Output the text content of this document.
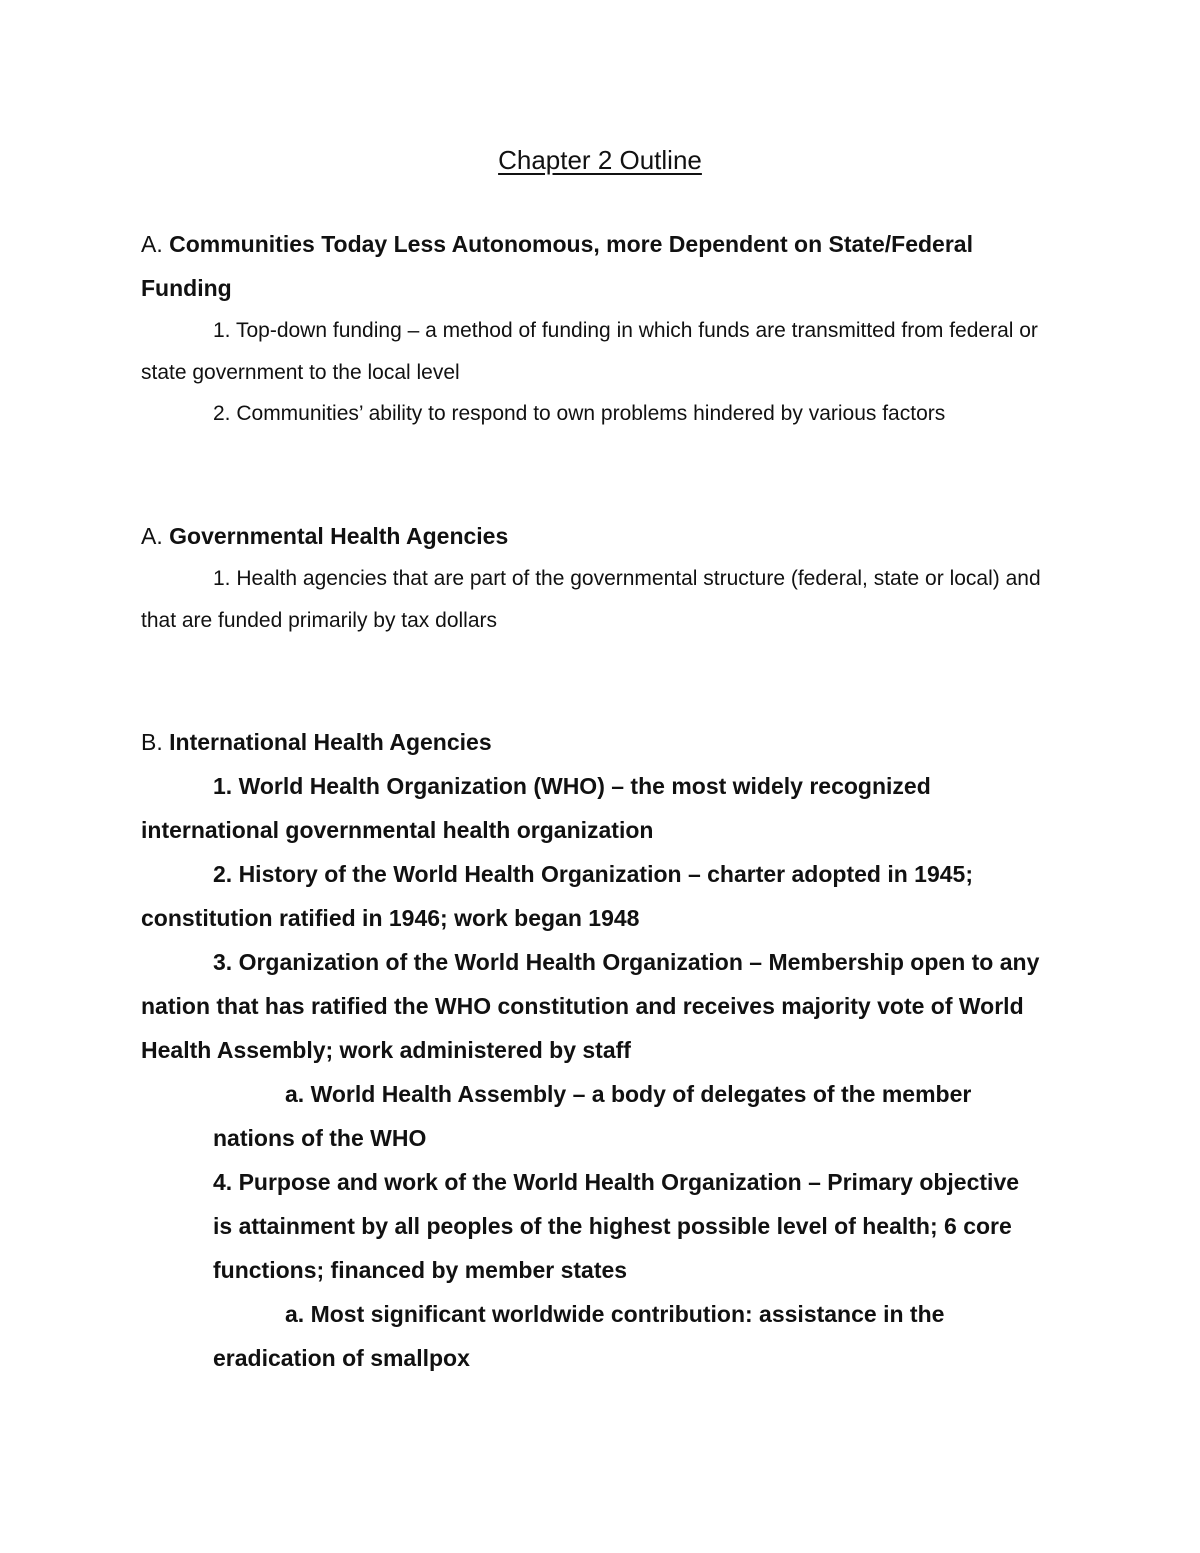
Chapter 2 Outline
A. Communities Today Less Autonomous, more Dependent on State/Federal Funding

1. Top-down funding – a method of funding in which funds are transmitted from federal or state government to the local level

2. Communities’ ability to respond to own problems hindered by various factors

A. Governmental Health Agencies

1. Health agencies that are part of the governmental structure (federal, state or local) and that are funded primarily by tax dollars

B. International Health Agencies

1. World Health Organization (WHO) – the most widely recognized international governmental health organization

2. History of the World Health Organization – charter adopted in 1945; constitution ratified in 1946; work began 1948

3. Organization of the World Health Organization – Membership open to any nation that has ratified the WHO constitution and receives majority vote of World Health Assembly; work administered by staff

a. World Health Assembly – a body of delegates of the member nations of the WHO

4. Purpose and work of the World Health Organization – Primary objective is attainment by all peoples of the highest possible level of health; 6 core functions; financed by member states

a. Most significant worldwide contribution: assistance in the eradication of smallpox
